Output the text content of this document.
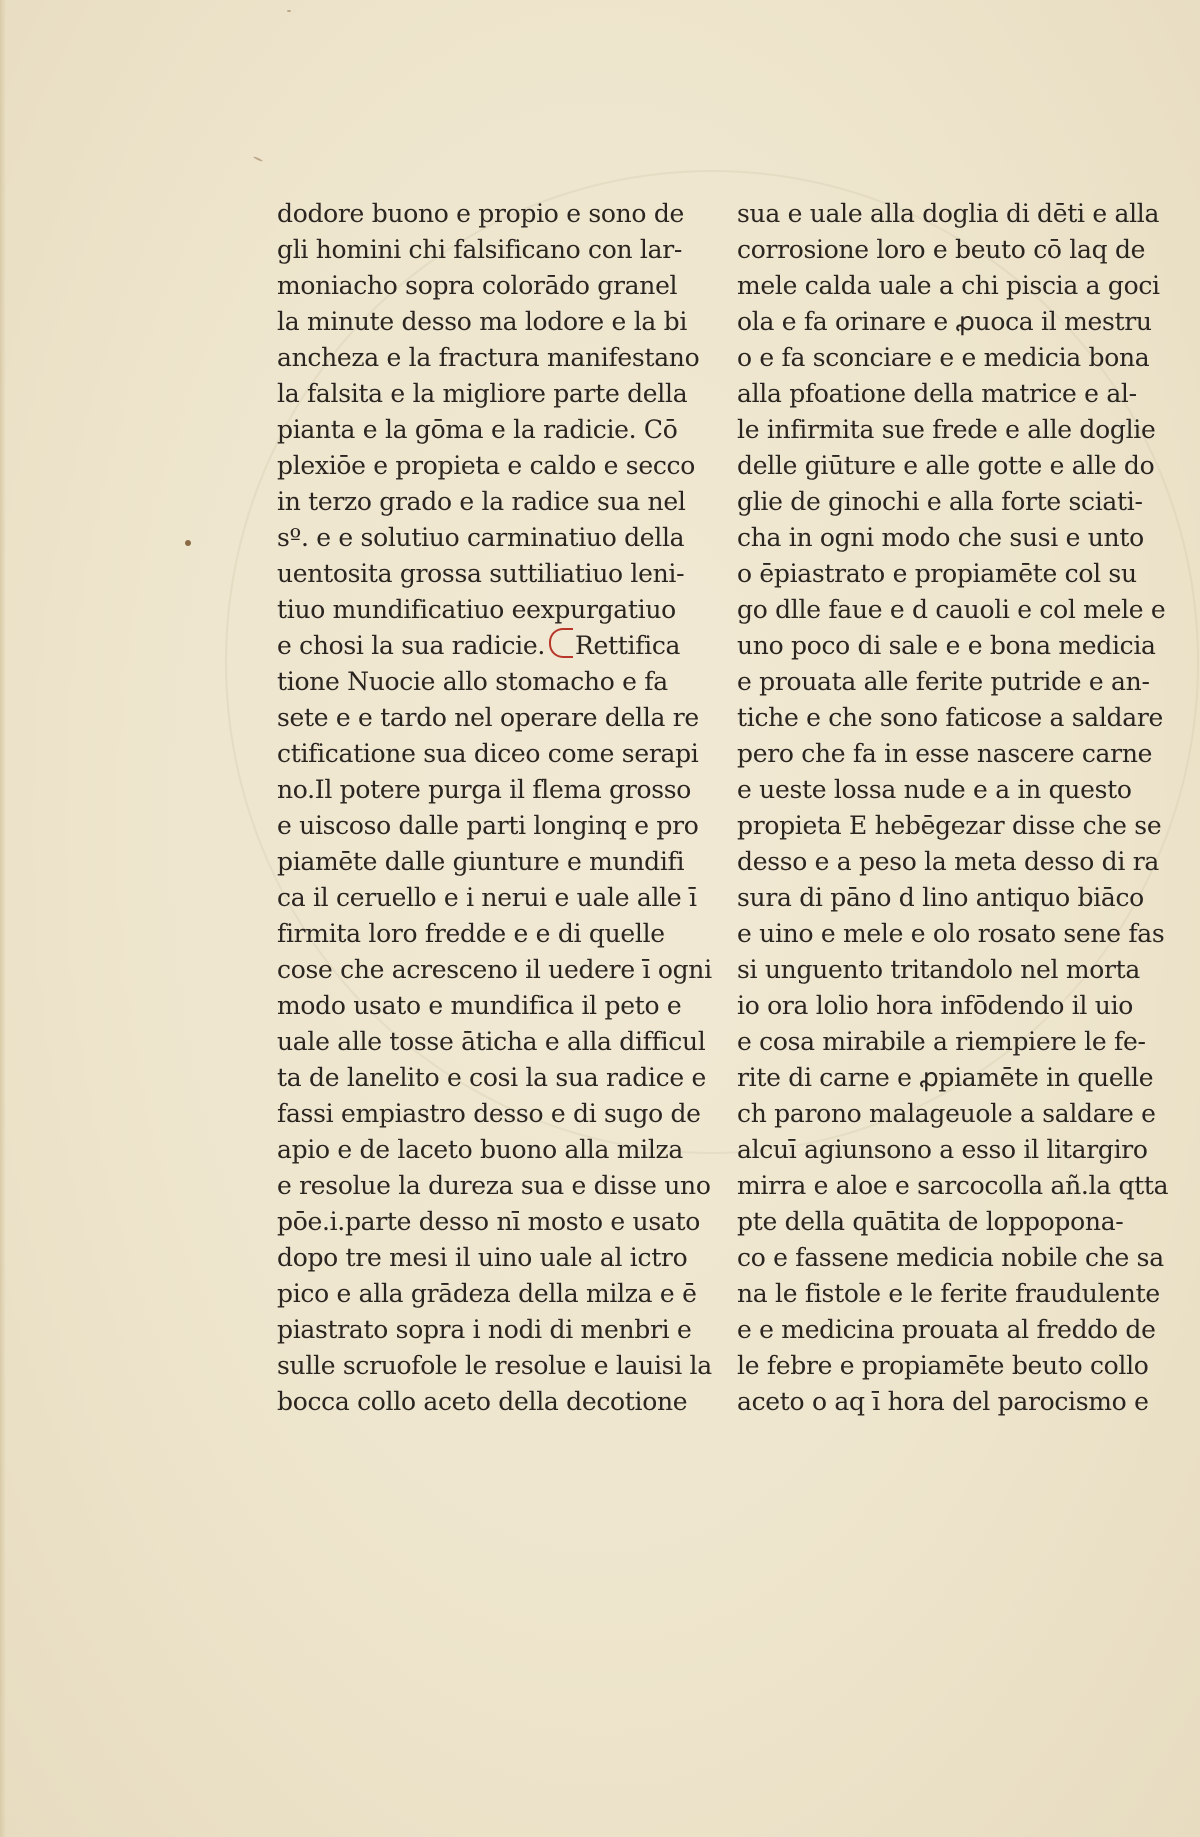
dodore buono e propio e sono de
gli homini chi falsificano con lar-
moniacho sopra colorādo granel
la minute desso ma lodore e la bi
ancheza e la fractura manifestano
la falsita e la migliore parte della
pianta e la gōma e la radicie. Cō
plexiōe e propieta e caldo e secco
in terzo grado e la radice sua nel
sº. e e solutiuo carminatiuo della
uentosita grossa suttiliatiuo leni-
tiuo mundificatiuo eexpurgatiuo
e chosi la sua radicie. Rettifica
tione Nuocie allo stomacho e fa
sete e e tardo nel operare della re
ctificatione sua diceo come serapi
no.Il potere purga il flema grosso
e uiscoso dalle parti longinq e pro
piamēte dalle giunture e mundifi
ca il ceruello e i nerui e uale alle ī
firmita loro fredde e e di quelle
cose che acresceno il uedere ī ogni
modo usato e mundifica il peto e
uale alle tosse āticha e alla difficul
ta de lanelito e cosi la sua radice e
fassi empiastro desso e di sugo de
apio e de laceto buono alla milza
e resolue la dureza sua e disse uno
pōe.i.parte desso nī mosto e usato
dopo tre mesi il uino uale al ictro
pico e alla grādeza della milza e ē
piastrato sopra i nodi di menbri e
sulle scruofole le resolue e lauisi la
bocca collo aceto della decotione
sua e uale alla doglia di dēti e alla
corrosione loro e beuto cō laq de
mele calda uale a chi piscia a goci
ola e fa orinare e ꝓuoca il mestru
o e fa sconciare e e medicia bona
alla pfoatione della matrice e al-
le infirmita sue frede e alle doglie
delle giūture e alle gotte e alle do
glie de ginochi e alla forte sciati-
cha in ogni modo che susi e unto
o ēpiastrato e propiamēte col su
go dlle faue e d cauoli e col mele e
uno poco di sale e e bona medicia
e prouata alle ferite putride e an-
tiche e che sono faticose a saldare
pero che fa in esse nascere carne
e ueste lossa nude e a in questo
propieta E hebēgezar disse che se
desso e a peso la meta desso di ra
sura di pāno d lino antiquo biāco
e uino e mele e olo rosato sene fas
si unguento tritandolo nel morta
io ora lolio hora infōdendo il uio
e cosa mirabile a riempiere le fe-
rite di carne e ꝓpiamēte in quelle
ch parono malageuole a saldare e
alcuī agiunsono a esso il litargiro
mirra e aloe e sarcocolla añ.la qtta
pte della quātita de loppopona-
co e fassene medicia nobile che sa
na le fistole e le ferite fraudulente
e e medicina prouata al freddo de
le febre e propiamēte beuto collo
aceto o aq ī hora del parocismo e
